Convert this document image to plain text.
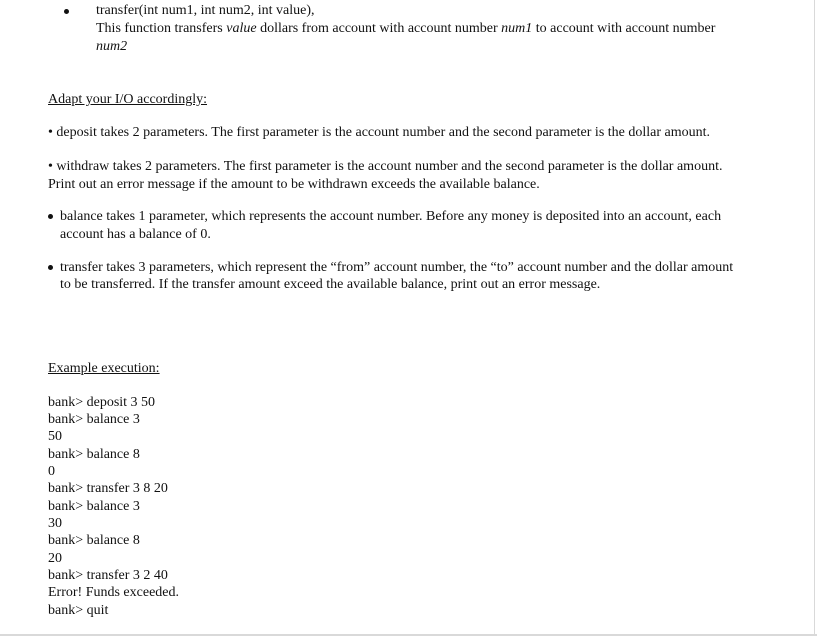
transfer(int num1, int num2, int value),
This function transfers value dollars from account with account number num1 to account with account number
num2
Adapt your I/O accordingly:
• deposit takes 2 parameters. The first parameter is the account number and the second parameter is the dollar amount.
• withdraw takes 2 parameters. The first parameter is the account number and the second parameter is the dollar amount.
Print out an error message if the amount to be withdrawn exceeds the available balance.
balance takes 1 parameter, which represents the account number. Before any money is deposited into an account, each
account has a balance of 0.
transfer takes 3 parameters, which represent the “from” account number, the “to” account number and the dollar amount
to be transferred. If the transfer amount exceed the available balance, print out an error message.
Example execution:
bank> deposit 3 50
bank> balance 3
50
bank> balance 8
0
bank> transfer 3 8 20
bank> balance 3
30
bank> balance 8
20
bank> transfer 3 2 40
Error! Funds exceeded.
bank> quit
